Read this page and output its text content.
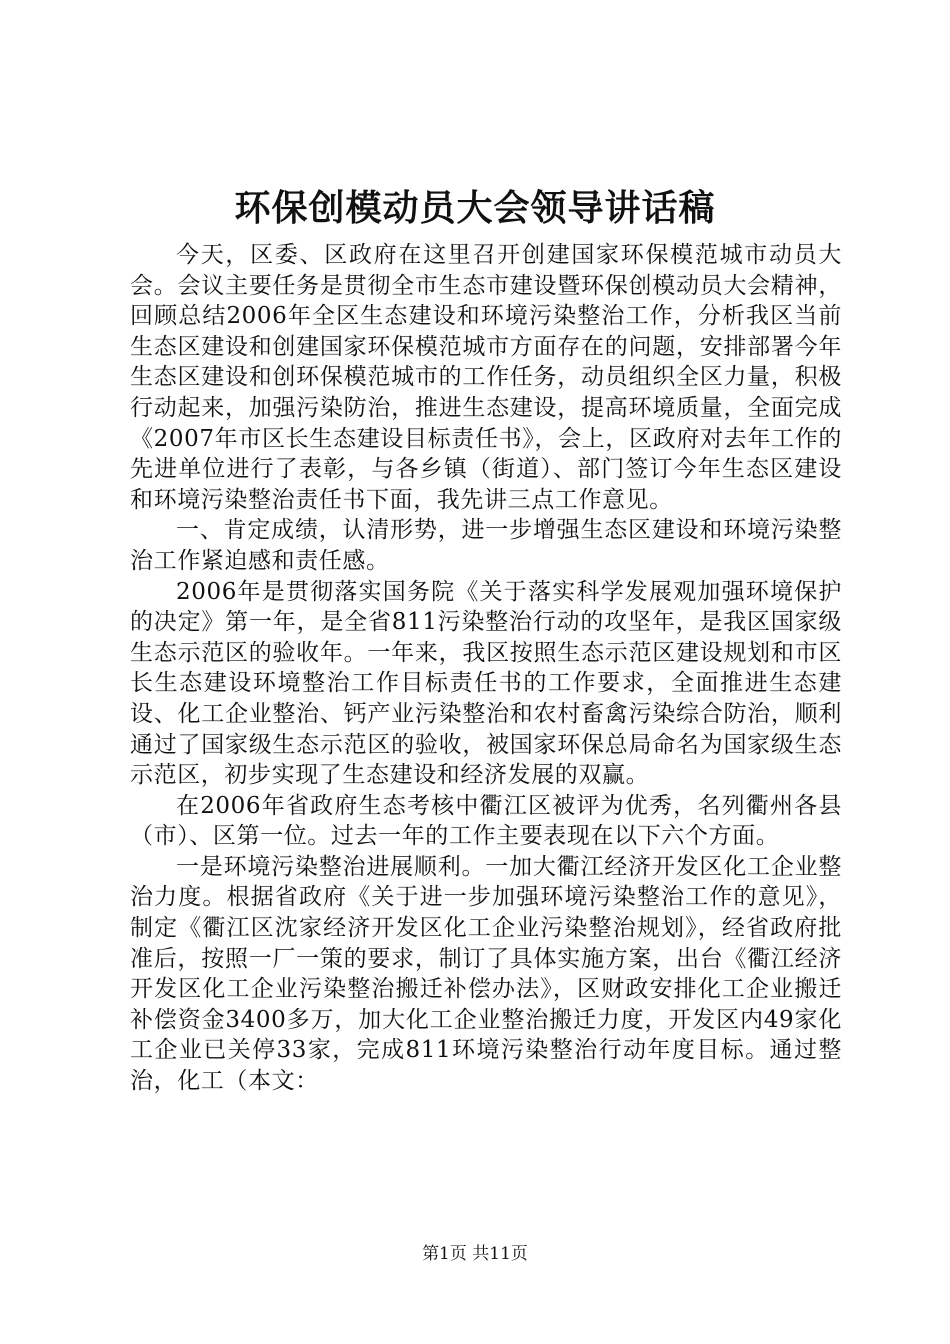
环保创模动员大会领导讲话稿

今天，区委、区政府在这里召开创建国家环保模范城市动员大会。会议主要任务是贯彻全市生态市建设暨环保创模动员大会精神，回顾总结2006年全区生态建设和环境污染整治工作，分析我区当前生态区建设和创建国家环保模范城市方面存在的问题，安排部署今年生态区建设和创环保模范城市的工作任务，动员组织全区力量，积极行动起来，加强污染防治，推进生态建设，提高环境质量，全面完成《2007年市区长生态建设目标责任书》，会上，区政府对去年工作的先进单位进行了表彰，与各乡镇（街道）、部门签订今年生态区建设和环境污染整治责任书下面，我先讲三点工作意见。

一、肯定成绩，认清形势，进一步增强生态区建设和环境污染整治工作紧迫感和责任感。

2006年是贯彻落实国务院《关于落实科学发展观加强环境保护的决定》第一年，是全省811污染整治行动的攻坚年，是我区国家级生态示范区的验收年。一年来，我区按照生态示范区建设规划和市区长生态建设环境整治工作目标责任书的工作要求，全面推进生态建设、化工企业整治、钙产业污染整治和农村畜禽污染综合防治，顺利通过了国家级生态示范区的验收，被国家环保总局命名为国家级生态示范区，初步实现了生态建设和经济发展的双赢。

在2006年省政府生态考核中衢江区被评为优秀，名列衢州各县（市）、区第一位。过去一年的工作主要表现在以下六个方面。

一是环境污染整治进展顺利。一加大衢江经济开发区化工企业整治力度。根据省政府《关于进一步加强环境污染整治工作的意见》，制定《衢江区沈家经济开发区化工企业污染整治规划》，经省政府批准后，按照一厂一策的要求，制订了具体实施方案，出台《衢江经济开发区化工企业污染整治搬迁补偿办法》，区财政安排化工企业搬迁补偿资金3400多万，加大化工企业整治搬迁力度，开发区内49家化工企业已关停33家，完成811环境污染整治行动年度目标。通过整治，化工（本文：

第1页 共11页
